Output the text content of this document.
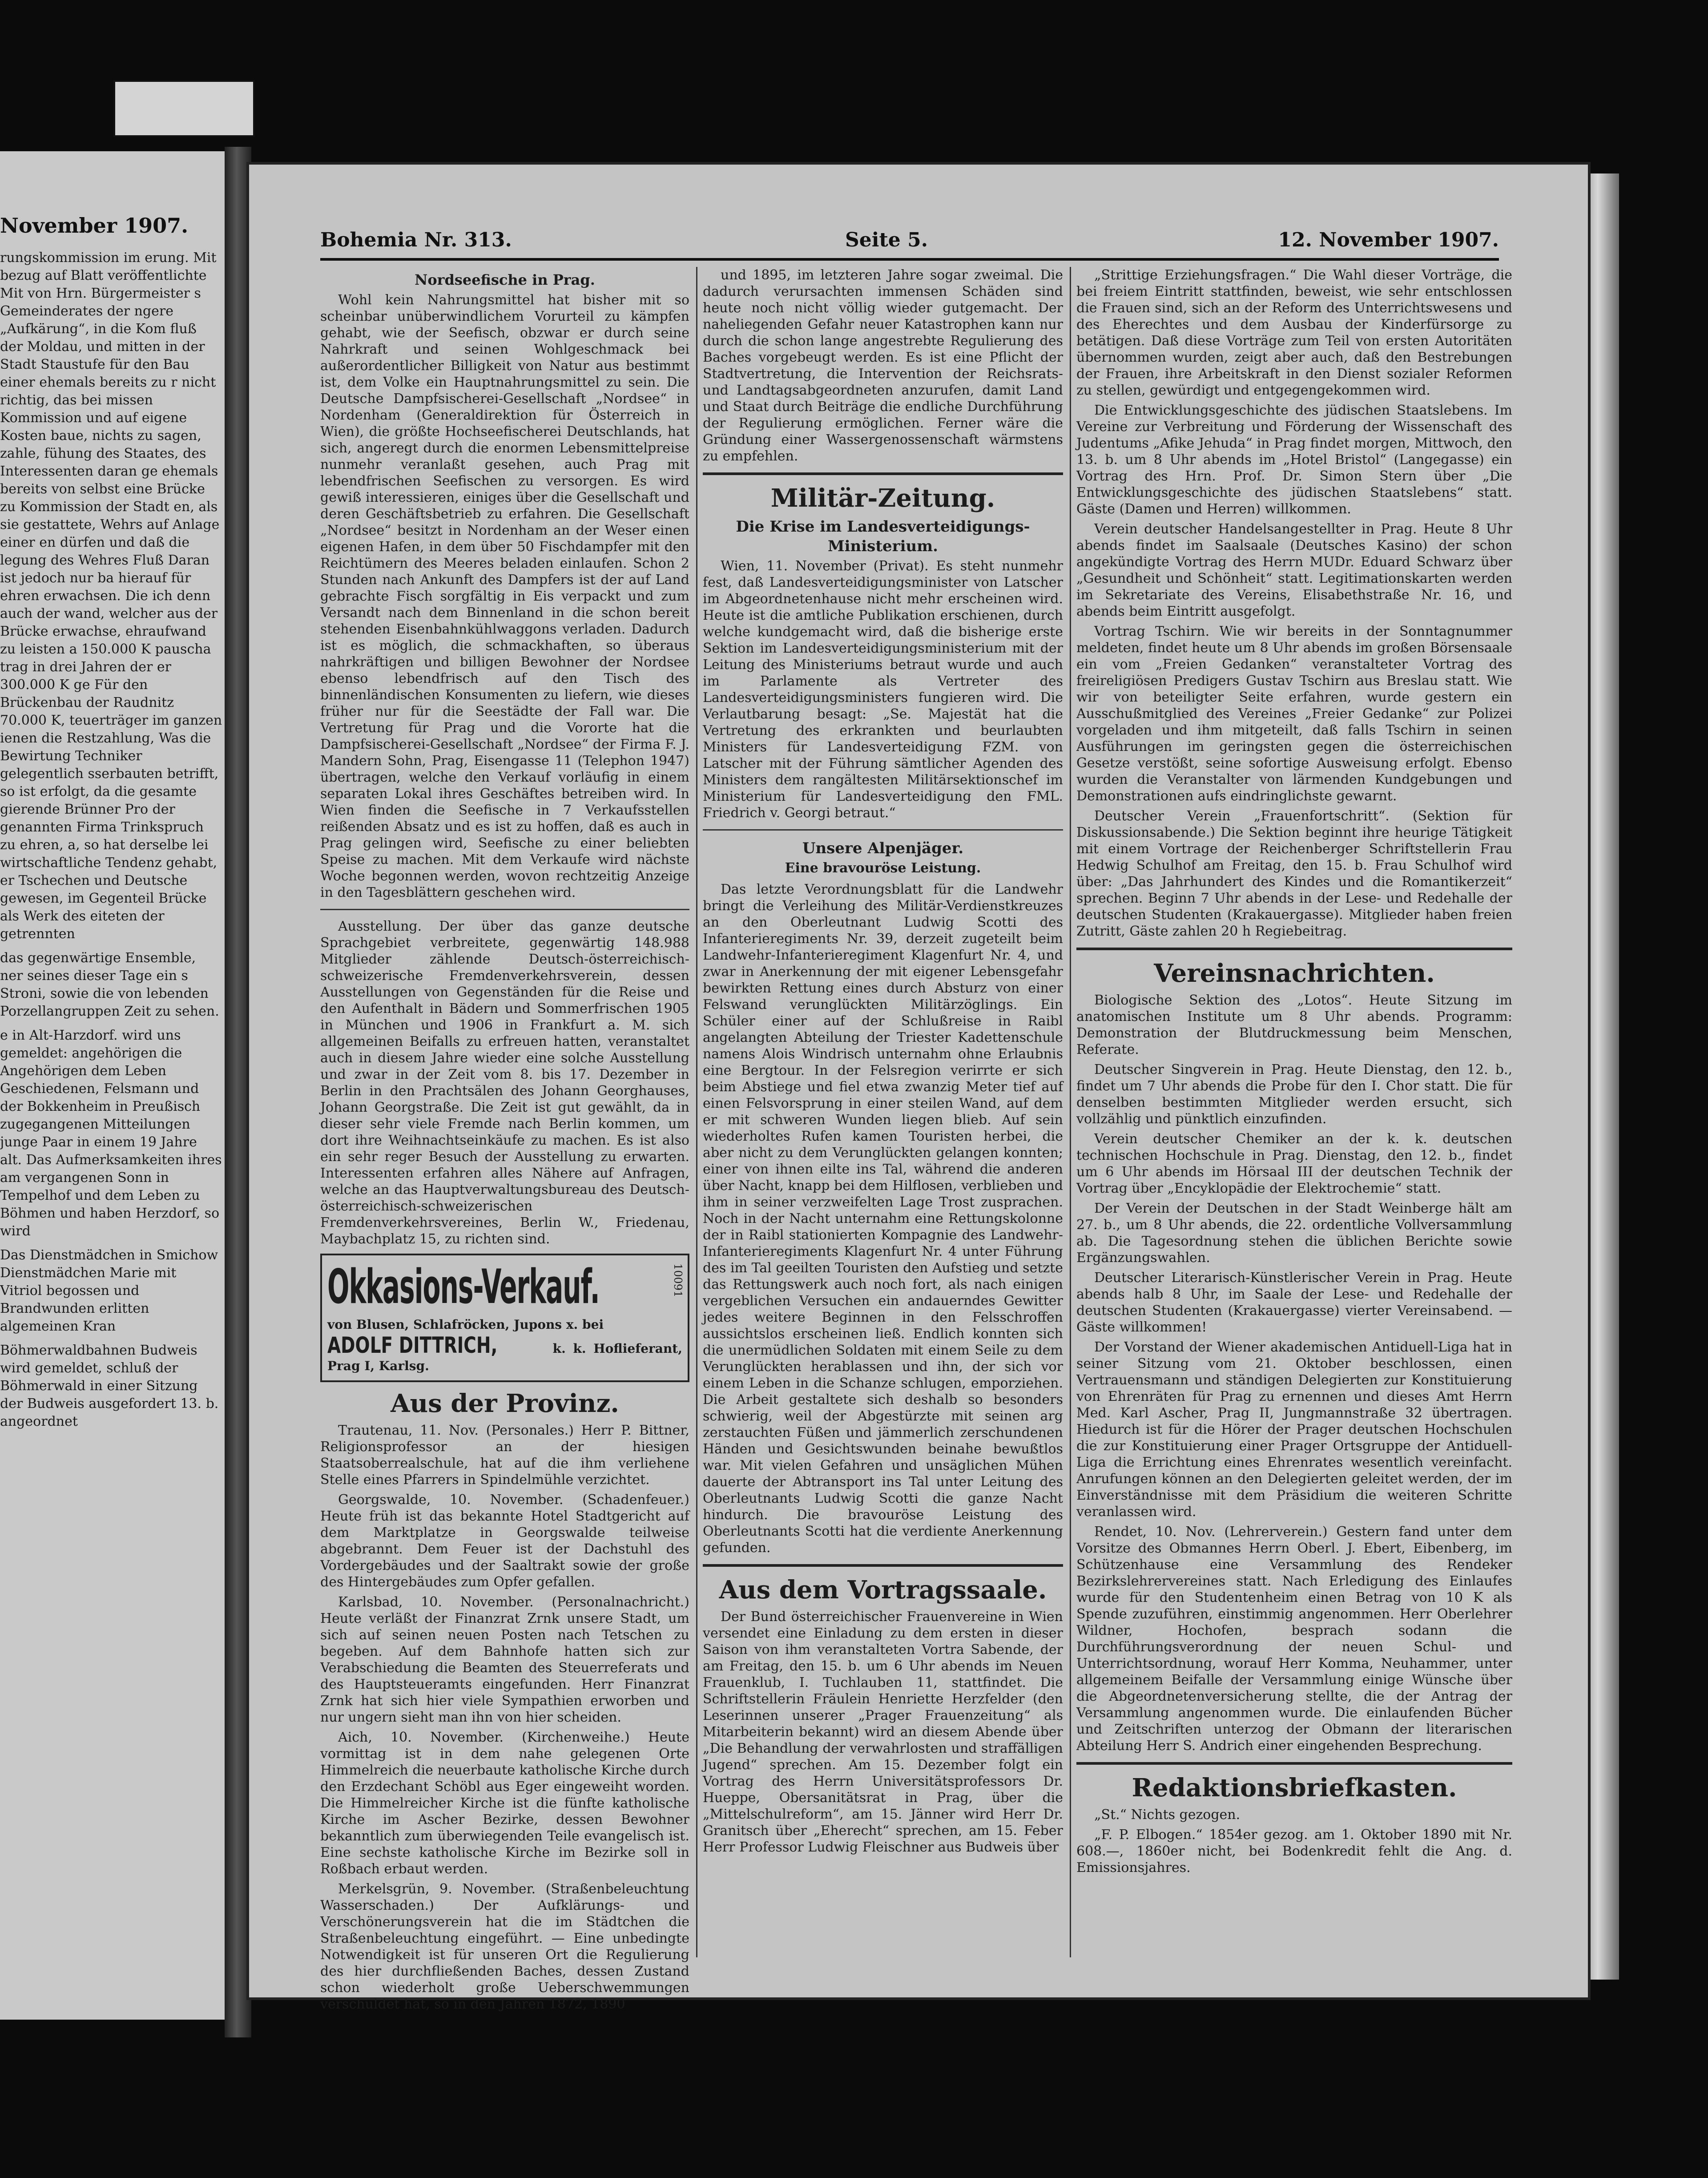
November 1907.

rungskommission im erung. Mit bezug auf Blatt veröffentlichte Mit von Hrn. Bürgermeister s Gemeinderates der ngere „Aufkärung“, in die Kom fluß der Moldau, und mitten in der Stadt Staustufe für den Bau einer ehemals bereits zu r nicht richtig, das bei missen Kommission und auf eigene Kosten baue, nichts zu sagen, zahle, fühung des Staates, des Interessenten daran ge ehemals bereits von selbst eine Brücke zu Kommission der Stadt en, als sie gestattete, Wehrs auf Anlage einer en dürfen und daß die legung des Wehres Fluß Daran ist jedoch nur ba hierauf für ehren erwachsen. Die ich denn auch der wand, welcher aus der Brücke erwachse, ehraufwand zu leisten a 150.000 K pauscha trag in drei Jahren der er 300.000 K ge Für den Brückenbau der Raudnitz 70.000 K, teuerträger im ganzen ienen die Restzahlung, Was die Bewirtung Techniker gelegentlich sserbauten betrifft, so ist erfolgt, da die gesamte gierende Brünner Pro der genannten Firma Trinkspruch zu ehren, a, so hat derselbe lei wirtschaftliche Tendenz gehabt, er Tschechen und Deutsche gewesen, im Gegenteil Brücke als Werk des eiteten der getrennten

das gegenwärtige Ensemble, ner seines dieser Tage ein s Stroni, sowie die von lebenden Porzellangruppen Zeit zu sehen.

e in Alt-Harzdorf. wird uns gemeldet: angehörigen die Angehörigen dem Leben Geschiedenen, Felsmann und der Bokkenheim in Preußisch zugegangenen Mitteilungen junge Paar in einem 19 Jahre alt. Das Aufmerksamkeiten ihres am vergangenen Sonn in Tempelhof und dem Leben zu Böhmen und haben Herzdorf, so wird

Das Dienstmädchen in Smichow Dienstmädchen Marie mit Vitriol begossen und Brandwunden erlitten algemeinen Kran

Böhmerwaldbahnen Budweis wird gemeldet, schluß der Böhmerwald in einer Sitzung der Budweis ausgefordert 13. b. angeordnet

Bohemia Nr. 313.	Seite 5.	12. November 1907.
Nordseefische in Prag.

Wohl kein Nahrungsmittel hat bisher mit so scheinbar unüberwindlichem Vorurteil zu kämpfen gehabt, wie der Seefisch, obzwar er durch seine Nahrkraft und seinen Wohlgeschmack bei außerordentlicher Billigkeit von Natur aus bestimmt ist, dem Volke ein Hauptnahrungsmittel zu sein. Die Deutsche Dampfsischerei-Gesellschaft „Nordsee“ in Nordenham (Generaldirektion für Österreich in Wien), die größte Hochseefischerei Deutschlands, hat sich, angeregt durch die enormen Lebensmittelpreise nunmehr veranlaßt gesehen, auch Prag mit lebendfrischen Seefischen zu versorgen. Es wird gewiß interessieren, einiges über die Gesellschaft und deren Geschäftsbetrieb zu erfahren. Die Gesellschaft „Nordsee“ besitzt in Nordenham an der Weser einen eigenen Hafen, in dem über 50 Fischdampfer mit den Reichtümern des Meeres beladen einlaufen. Schon 2 Stunden nach Ankunft des Dampfers ist der auf Land gebrachte Fisch sorgfältig in Eis verpackt und zum Versandt nach dem Binnenland in die schon bereit stehenden Eisenbahnkühlwaggons verladen. Dadurch ist es möglich, die schmackhaften, so überaus nahrkräftigen und billigen Bewohner der Nordsee ebenso lebendfrisch auf den Tisch des binnenländischen Konsumenten zu liefern, wie dieses früher nur für die Seestädte der Fall war. Die Vertretung für Prag und die Vororte hat die Dampfsischerei-Gesellschaft „Nordsee“ der Firma F. J. Mandern Sohn, Prag, Eisengasse 11 (Telephon 1947) übertragen, welche den Verkauf vorläufig in einem separaten Lokal ihres Geschäftes betreiben wird. In Wien finden die Seefische in 7 Verkaufsstellen reißenden Absatz und es ist zu hoffen, daß es auch in Prag gelingen wird, Seefische zu einer beliebten Speise zu machen. Mit dem Verkaufe wird nächste Woche begonnen werden, wovon rechtzeitig Anzeige in den Tagesblättern geschehen wird.

Ausstellung. Der über das ganze deutsche Sprachgebiet verbreitete, gegenwärtig 148.988 Mitglieder zählende Deutsch-österreichisch-schweizerische Fremdenverkehrsverein, dessen Ausstellungen von Gegenständen für die Reise und den Aufenthalt in Bädern und Sommerfrischen 1905 in München und 1906 in Frankfurt a. M. sich allgemeinen Beifalls zu erfreuen hatten, veranstaltet auch in diesem Jahre wieder eine solche Ausstellung und zwar in der Zeit vom 8. bis 17. Dezember in Berlin in den Prachtsälen des Johann Georghauses, Johann Georgstraße. Die Zeit ist gut gewählt, da in dieser sehr viele Fremde nach Berlin kommen, um dort ihre Weihnachtseinkäufe zu machen. Es ist also ein sehr reger Besuch der Ausstellung zu erwarten. Interessenten erfahren alles Nähere auf Anfragen, welche an das Hauptverwaltungsbureau des Deutsch-österreichisch-schweizerischen Fremdenverkehrsvereines, Berlin W., Friedenau, Maybachplatz 15, zu richten sind.

Okkasions-Verkauf.	10091
von Blusen, Schlafröcken, Jupons x. bei
ADOLF DITTRICH,	k. k. Hoflieferant, Prag I, Karlsg.
Aus der Provinz.

Trautenau, 11. Nov. (Personales.) Herr P. Bittner, Religionsprofessor an der hiesigen Staatsoberrealschule, hat auf die ihm verliehene Stelle eines Pfarrers in Spindelmühle verzichtet.

Georgswalde, 10. November. (Schadenfeuer.) Heute früh ist das bekannte Hotel Stadtgericht auf dem Marktplatze in Georgswalde teilweise abgebrannt. Dem Feuer ist der Dachstuhl des Vordergebäudes und der Saaltrakt sowie der große des Hintergebäudes zum Opfer gefallen.

Karlsbad, 10. November. (Personalnachricht.) Heute verläßt der Finanzrat Zrnk unsere Stadt, um sich auf seinen neuen Posten nach Tetschen zu begeben. Auf dem Bahnhofe hatten sich zur Verabschiedung die Beamten des Steuerreferats und des Hauptsteueramts eingefunden. Herr Finanzrat Zrnk hat sich hier viele Sympathien erworben und nur ungern sieht man ihn von hier scheiden.

Aich, 10. November. (Kirchenweihe.) Heute vormittag ist in dem nahe gelegenen Orte Himmelreich die neuerbaute katholische Kirche durch den Erzdechant Schöbl aus Eger eingeweiht worden. Die Himmelreicher Kirche ist die fünfte katholische Kirche im Ascher Bezirke, dessen Bewohner bekanntlich zum überwiegenden Teile evangelisch ist. Eine sechste katholische Kirche im Bezirke soll in Roßbach erbaut werden.

Merkelsgrün, 9. November. (Straßenbeleuchtung Wasserschaden.) Der Aufklärungs- und Verschönerungsverein hat die im Städtchen die Straßenbeleuchtung eingeführt. — Eine unbedingte Notwendigkeit ist für unseren Ort die Regulierung des hier durchfließenden Baches, dessen Zustand schon wiederholt große Ueberschwemmungen verschuldet hat, so in den Jahren 1872, 1890

und 1895, im letzteren Jahre sogar zweimal. Die dadurch verursachten immensen Schäden sind heute noch nicht völlig wieder gutgemacht. Der naheliegenden Gefahr neuer Katastrophen kann nur durch die schon lange angestrebte Regulierung des Baches vorgebeugt werden. Es ist eine Pflicht der Stadtvertretung, die Intervention der Reichsrats- und Landtagsabgeordneten anzurufen, damit Land und Staat durch Beiträge die endliche Durchführung der Regulierung ermöglichen. Ferner wäre die Gründung einer Wassergenossenschaft wärmstens zu empfehlen.

Militär-Zeitung.
Die Krise im Landesverteidigungs-Ministerium.

Wien, 11. November (Privat). Es steht nunmehr fest, daß Landesverteidigungsminister von Latscher im Abgeordnetenhause nicht mehr erscheinen wird. Heute ist die amtliche Publikation erschienen, durch welche kundgemacht wird, daß die bisherige erste Sektion im Landesverteidigungsministerium mit der Leitung des Ministeriums betraut wurde und auch im Parlamente als Vertreter des Landesverteidigungsministers fungieren wird. Die Verlautbarung besagt: „Se. Majestät hat die Vertretung des erkrankten und beurlaubten Ministers für Landesverteidigung FZM. von Latscher mit der Führung sämtlicher Agenden des Ministers dem rangältesten Militärsektionschef im Ministerium für Landesverteidigung den FML. Friedrich v. Georgi betraut.“

Unsere Alpenjäger.
Eine bravouröse Leistung.

Das letzte Verordnungsblatt für die Landwehr bringt die Verleihung des Militär-Verdienstkreuzes an den Oberleutnant Ludwig Scotti des Infanterieregiments Nr. 39, derzeit zugeteilt beim Landwehr-Infanterieregiment Klagenfurt Nr. 4, und zwar in Anerkennung der mit eigener Lebensgefahr bewirkten Rettung eines durch Absturz von einer Felswand verunglückten Militärzöglings. Ein Schüler einer auf der Schlußreise in Raibl angelangten Abteilung der Triester Kadettenschule namens Alois Windrisch unternahm ohne Erlaubnis eine Bergtour. In der Felsregion verirrte er sich beim Abstiege und fiel etwa zwanzig Meter tief auf einen Felsvorsprung in einer steilen Wand, auf dem er mit schweren Wunden liegen blieb. Auf sein wiederholtes Rufen kamen Touristen herbei, die aber nicht zu dem Verunglückten gelangen konnten; einer von ihnen eilte ins Tal, während die anderen über Nacht, knapp bei dem Hilflosen, verblieben und ihm in seiner verzweifelten Lage Trost zusprachen. Noch in der Nacht unternahm eine Rettungskolonne der in Raibl stationierten Kompagnie des Landwehr-Infanterieregiments Klagenfurt Nr. 4 unter Führung des im Tal geeilten Touristen den Aufstieg und setzte das Rettungswerk auch noch fort, als nach einigen vergeblichen Versuchen ein andauerndes Gewitter jedes weitere Beginnen in den Felsschroffen aussichtslos erscheinen ließ. Endlich konnten sich die unermüdlichen Soldaten mit einem Seile zu dem Verunglückten herablassen und ihn, der sich vor einem Leben in die Schanze schlugen, emporziehen. Die Arbeit gestaltete sich deshalb so besonders schwierig, weil der Abgestürzte mit seinen arg zerstauchten Füßen und jämmerlich zerschundenen Händen und Gesichtswunden beinahe bewußtlos war. Mit vielen Gefahren und unsäglichen Mühen dauerte der Abtransport ins Tal unter Leitung des Oberleutnants Ludwig Scotti die ganze Nacht hindurch. Die bravouröse Leistung des Oberleutnants Scotti hat die verdiente Anerkennung gefunden.

Aus dem Vortragssaale.

Der Bund österreichischer Frauenvereine in Wien versendet eine Einladung zu dem ersten in dieser Saison von ihm veranstalteten Vortra Sabende, der am Freitag, den 15. b. um 6 Uhr abends im Neuen Frauenklub, I. Tuchlauben 11, stattfindet. Die Schriftstellerin Fräulein Henriette Herzfelder (den Leserinnen unserer „Prager Frauenzeitung“ als Mitarbeiterin bekannt) wird an diesem Abende über „Die Behandlung der verwahrlosten und straffälligen Jugend“ sprechen. Am 15. Dezember folgt ein Vortrag des Herrn Universitätsprofessors Dr. Hueppe, Obersanitätsrat in Prag, über die „Mittelschulreform“, am 15. Jänner wird Herr Dr. Granitsch über „Eherecht“ sprechen, am 15. Feber Herr Professor Ludwig Fleischner aus Budweis über

„Strittige Erziehungsfragen.“ Die Wahl dieser Vorträge, die bei freiem Eintritt stattfinden, beweist, wie sehr entschlossen die Frauen sind, sich an der Reform des Unterrichtswesens und des Eherechtes und dem Ausbau der Kinderfürsorge zu betätigen. Daß diese Vorträge zum Teil von ersten Autoritäten übernommen wurden, zeigt aber auch, daß den Bestrebungen der Frauen, ihre Arbeitskraft in den Dienst sozialer Reformen zu stellen, gewürdigt und entgegengekommen wird.

Die Entwicklungsgeschichte des jüdischen Staatslebens. Im Vereine zur Verbreitung und Förderung der Wissenschaft des Judentums „Afike Jehuda“ in Prag findet morgen, Mittwoch, den 13. b. um 8 Uhr abends im „Hotel Bristol“ (Langegasse) ein Vortrag des Hrn. Prof. Dr. Simon Stern über „Die Entwicklungsgeschichte des jüdischen Staatslebens“ statt. Gäste (Damen und Herren) willkommen.

Verein deutscher Handelsangestellter in Prag. Heute 8 Uhr abends findet im Saalsaale (Deutsches Kasino) der schon angekündigte Vortrag des Herrn MUDr. Eduard Schwarz über „Gesundheit und Schönheit“ statt. Legitimationskarten werden im Sekretariate des Vereins, Elisabethstraße Nr. 16, und abends beim Eintritt ausgefolgt.

Vortrag Tschirn. Wie wir bereits in der Sonntagnummer meldeten, findet heute um 8 Uhr abends im großen Börsensaale ein vom „Freien Gedanken“ veranstalteter Vortrag des freireligiösen Predigers Gustav Tschirn aus Breslau statt. Wie wir von beteiligter Seite erfahren, wurde gestern ein Ausschußmitglied des Vereines „Freier Gedanke“ zur Polizei vorgeladen und ihm mitgeteilt, daß falls Tschirn in seinen Ausführungen im geringsten gegen die österreichischen Gesetze verstößt, seine sofortige Ausweisung erfolgt. Ebenso wurden die Veranstalter von lärmenden Kundgebungen und Demonstrationen aufs eindringlichste gewarnt.

Deutscher Verein „Frauenfortschritt“. (Sektion für Diskussionsabende.) Die Sektion beginnt ihre heurige Tätigkeit mit einem Vortrage der Reichenberger Schriftstellerin Frau Hedwig Schulhof am Freitag, den 15. b. Frau Schulhof wird über: „Das Jahrhundert des Kindes und die Romantikerzeit“ sprechen. Beginn 7 Uhr abends in der Lese- und Redehalle der deutschen Studenten (Krakauergasse). Mitglieder haben freien Zutritt, Gäste zahlen 20 h Regiebeitrag.

Vereinsnachrichten.

Biologische Sektion des „Lotos“. Heute Sitzung im anatomischen Institute um 8 Uhr abends. Programm: Demonstration der Blutdruckmessung beim Menschen, Referate.

Deutscher Singverein in Prag. Heute Dienstag, den 12. b., findet um 7 Uhr abends die Probe für den I. Chor statt. Die für denselben bestimmten Mitglieder werden ersucht, sich vollzählig und pünktlich einzufinden.

Verein deutscher Chemiker an der k. k. deutschen technischen Hochschule in Prag. Dienstag, den 12. b., findet um 6 Uhr abends im Hörsaal III der deutschen Technik der Vortrag über „Encyklopädie der Elektrochemie“ statt.

Der Verein der Deutschen in der Stadt Weinberge hält am 27. b., um 8 Uhr abends, die 22. ordentliche Vollversammlung ab. Die Tagesordnung stehen die üblichen Berichte sowie Ergänzungswahlen.

Deutscher Literarisch-Künstlerischer Verein in Prag. Heute abends halb 8 Uhr, im Saale der Lese- und Redehalle der deutschen Studenten (Krakauergasse) vierter Vereinsabend. — Gäste willkommen!

Der Vorstand der Wiener akademischen Antiduell-Liga hat in seiner Sitzung vom 21. Oktober beschlossen, einen Vertrauensmann und ständigen Delegierten zur Konstituierung von Ehrenräten für Prag zu ernennen und dieses Amt Herrn Med. Karl Ascher, Prag II, Jungmannstraße 32 übertragen. Hiedurch ist für die Hörer der Prager deutschen Hochschulen die zur Konstituierung einer Prager Ortsgruppe der Antiduell-Liga die Errichtung eines Ehrenrates wesentlich vereinfacht. Anrufungen können an den Delegierten geleitet werden, der im Einverständnisse mit dem Präsidium die weiteren Schritte veranlassen wird.

Rendet, 10. Nov. (Lehrerverein.) Gestern fand unter dem Vorsitze des Obmannes Herrn Oberl. J. Ebert, Eibenberg, im Schützenhause eine Versammlung des Rendeker Bezirkslehrervereines statt. Nach Erledigung des Einlaufes wurde für den Studentenheim einen Betrag von 10 K als Spende zuzuführen, einstimmig angenommen. Herr Oberlehrer Wildner, Hochofen, besprach sodann die Durchführungsverordnung der neuen Schul- und Unterrichtsordnung, worauf Herr Komma, Neuhammer, unter allgemeinem Beifalle der Versammlung einige Wünsche über die Abgeordnetenversicherung stellte, die der Antrag der Versammlung angenommen wurde. Die einlaufenden Bücher und Zeitschriften unterzog der Obmann der literarischen Abteilung Herr S. Andrich einer eingehenden Besprechung.

Redaktionsbriefkasten.

„St.“ Nichts gezogen.

„F. P. Elbogen.“ 1854er gezog. am 1. Oktober 1890 mit Nr. 608.—, 1860er nicht, bei Bodenkredit fehlt die Ang. d. Emissionsjahres.
